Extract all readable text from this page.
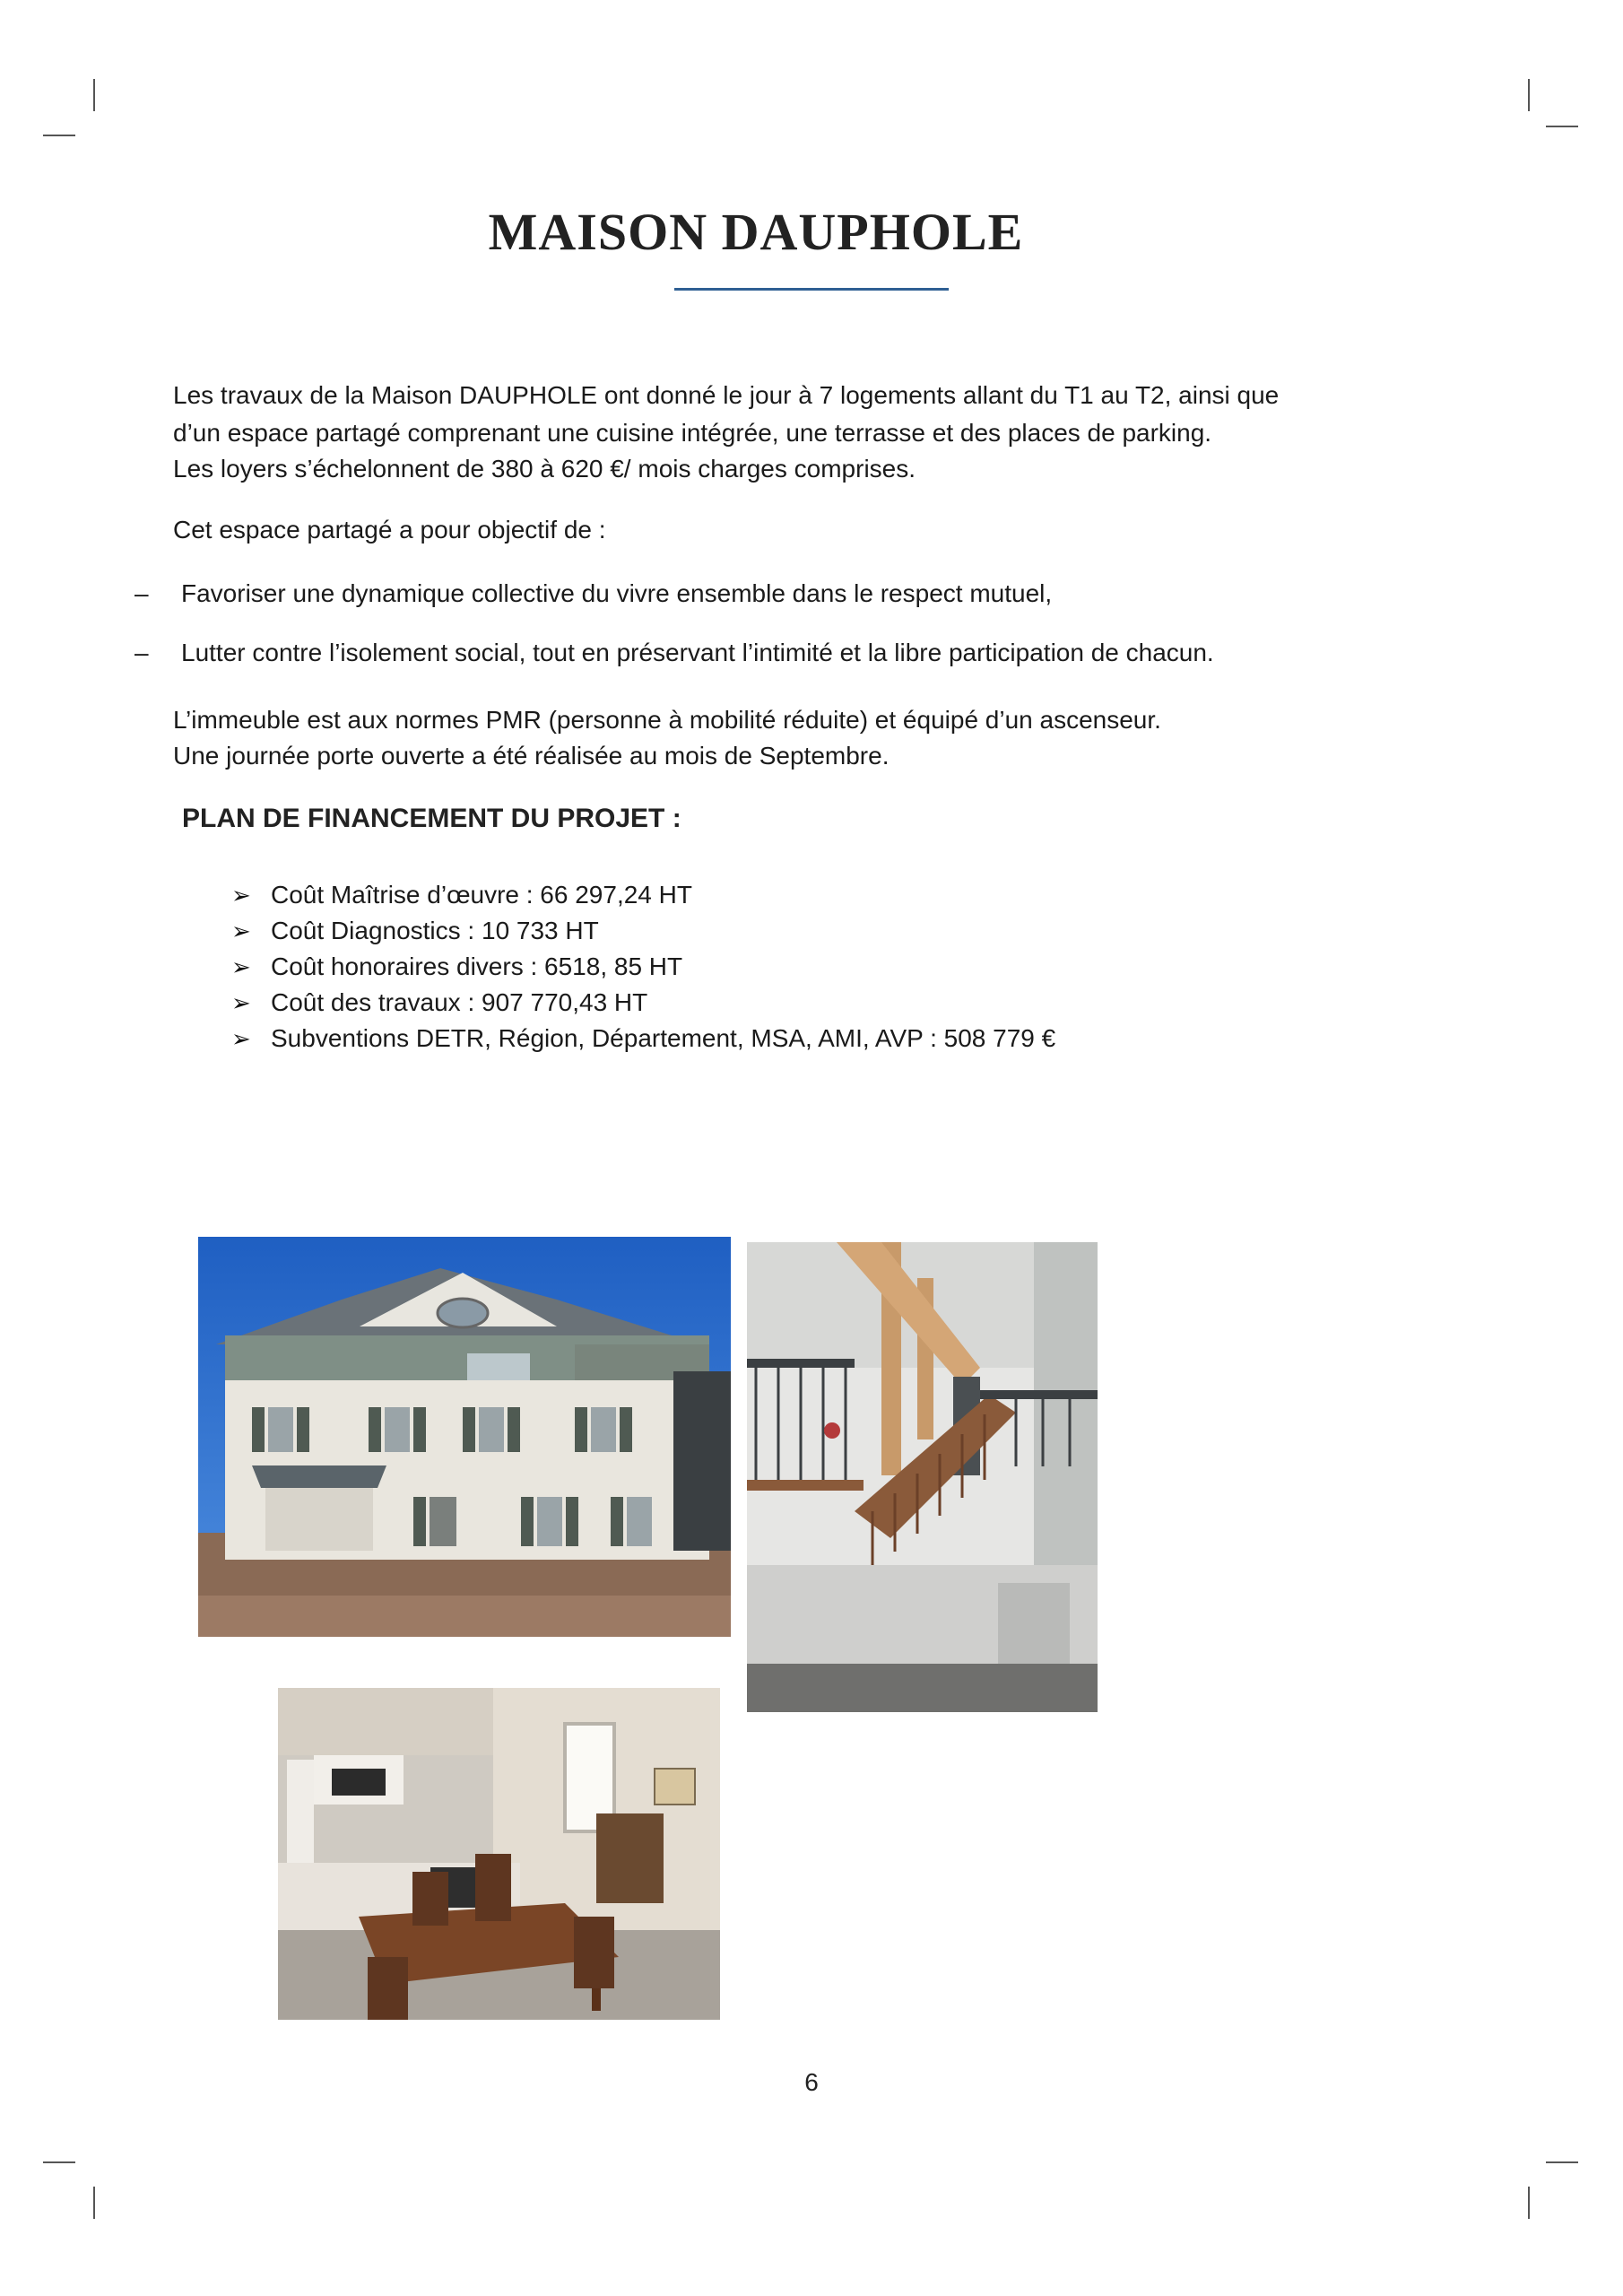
MAISON DAUPHOLE

Les travaux de la Maison DAUPHOLE ont donné le jour à 7 logements allant du T1 au T2, ainsi que

d’un espace partagé comprenant une cuisine intégrée, une terrasse et des places de parking.

Les loyers s’échelonnent de 380 à 620 €/ mois charges comprises.

Cet espace partagé a pour objectif de :

– Favoriser une dynamique collective du vivre ensemble dans le respect mutuel,

– Lutter contre l’isolement social, tout en préservant l’intimité et la libre participation de chacun.

L’immeuble est aux normes PMR (personne à mobilité réduite) et équipé d’un ascenseur.

Une journée porte ouverte a été réalisée au mois de Septembre.

PLAN DE FINANCEMENT DU PROJET :
➢ Coût Maîtrise d’œuvre : 66 297,24 HT
➢ Coût Diagnostics : 10 733 HT
➢ Coût honoraires divers : 6518, 85 HT
➢ Coût des travaux : 907 770,43 HT
➢ Subventions DETR, Région, Département, MSA, AMI, AVP : 508 779 €

6
